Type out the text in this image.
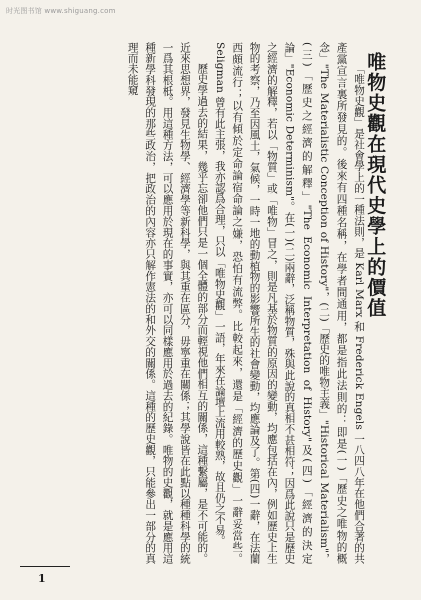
时光图书馆 www.shiguang.com
唯物史觀在現代史學上的價值

「唯物史觀」是社會學上的一種法則，是 Karl Marx 和 Frederick Engels 一八四八年在他們合著的共產黨宣言裏所發見的。後來有四種名稱，在學者間通用，都是指此法則的：即是(一)「歷史之唯物的概念」"The Materialistic Conception of History"，(二)「歷史的唯物主義」"Historical Materialism"，(三)「歷史之經濟的解釋」"The Economic Interpretation of History"及(四)「經濟的決定論」"Economic Determinism"。在(一)(二)兩辭，泛稱物質，殊與此說的真相不甚相符；因爲此說只是歷史之經濟的解釋，若以「物質」或「唯物」冒之，則是凡基於物質的原因的變動，均應包括在內，例如歷史上生物的考察，乃至因風土，氣候，一時一地的動植物的影響所生的社會變動，均應論及了。第(四)一辭，在法蘭西頗流行；以有傾於定命論宿命論之嫌，恐怕有流弊。比較起來，還是「經濟的歷史觀」一辭妥當些。Seligman 曾有此主張，我亦認爲合理，只以「唯物史觀」一語，年來在論壇上流用較熟，故且仍之不易。

歷史學過去的結果，幾乎忘卻他們只是一個全體的部分而輕視他們相互的關係，這種繫屬，是不可能的。近來思想界，發見生物學、經濟學等新科學，與其重在區分，毋寧重在關係；其學說皆在此點以種種科學的統一爲其根柢。用這種方法，可以應用於現在的事實，亦可以同樣應用於過去的紀錄。唯物的史觀，就是應用這種新學科發現的那些政治，把政治的內容亦只解作憲法的和外交的關係。這種的歷史觀，只能參出一部分的真理而未能窺

1
